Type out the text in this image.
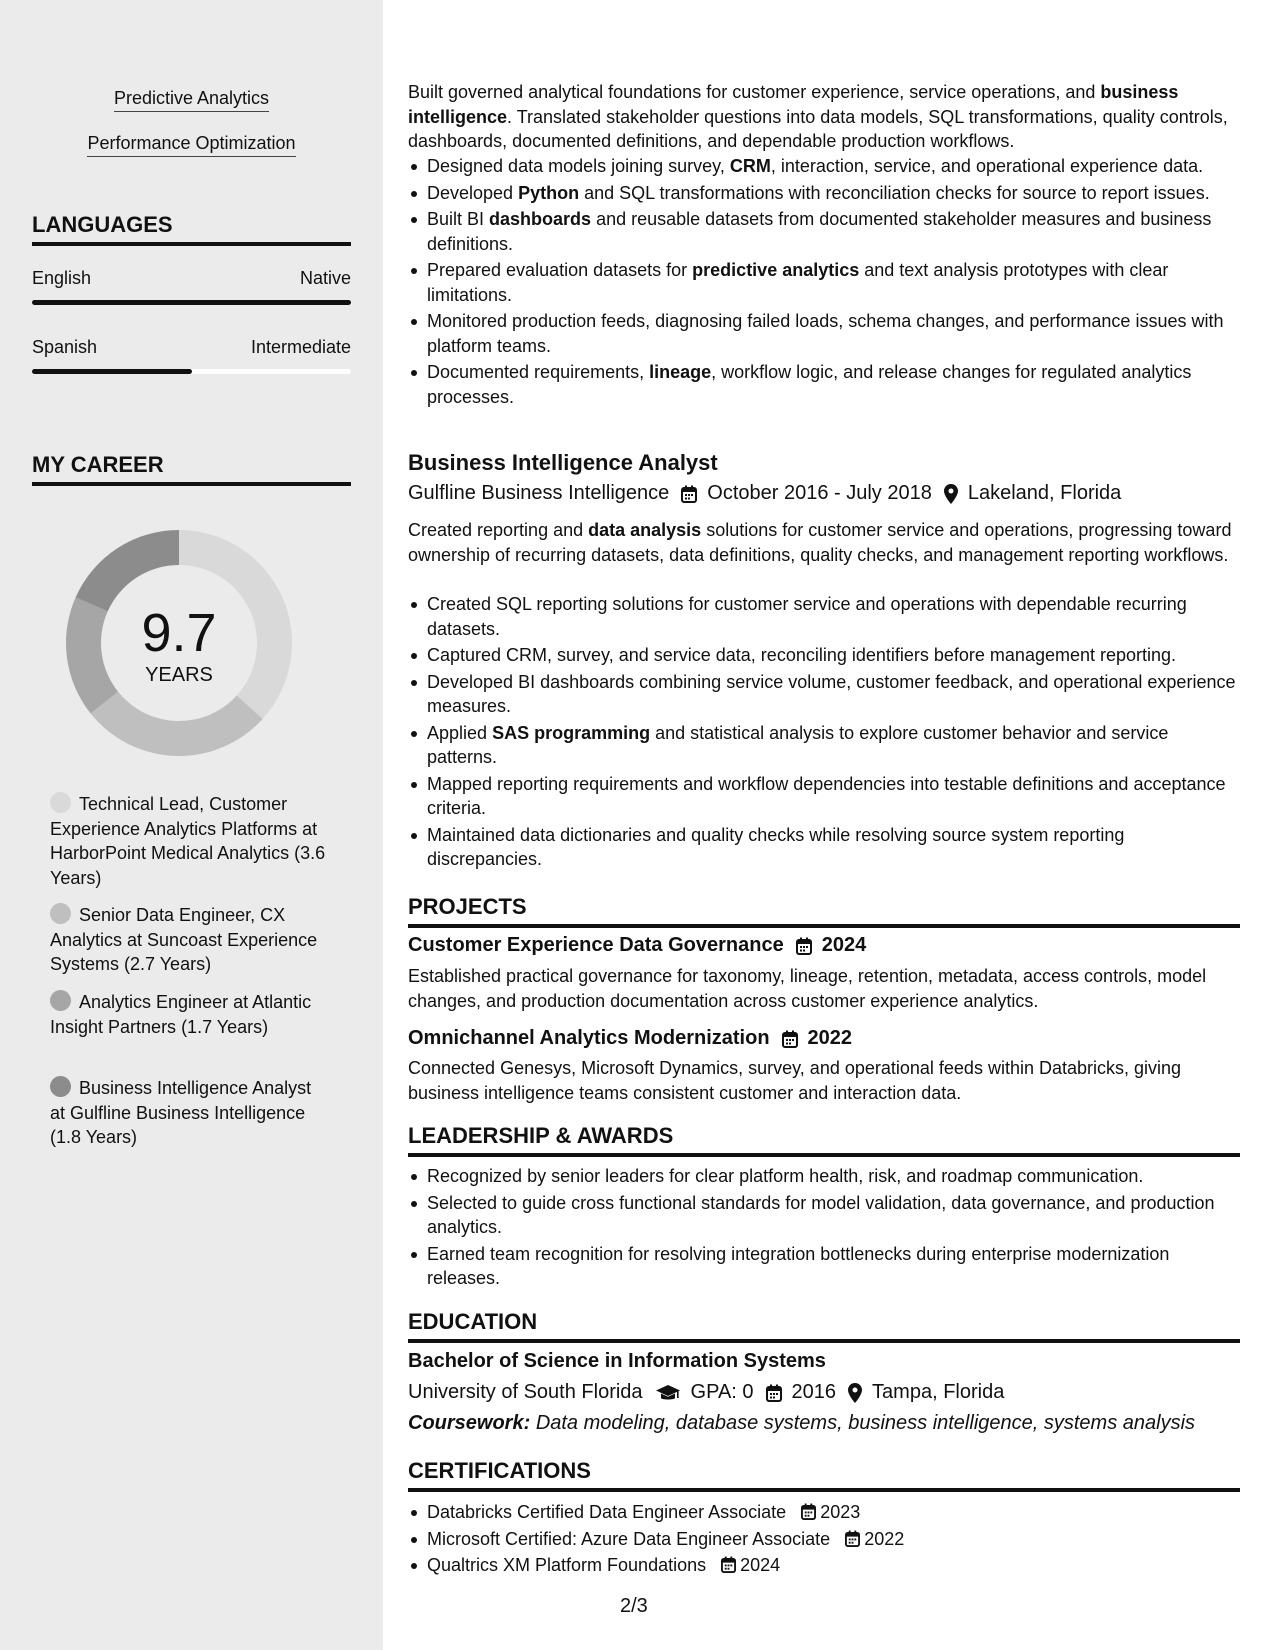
Predictive Analytics
Performance Optimization
LANGUAGES
English	Native
Spanish	Intermediate
MY CAREER
9.7
YEARS
Technical Lead, Customer Experience Analytics Platforms at HarborPoint Medical Analytics (3.6 Years)
Senior Data Engineer, CX Analytics at Suncoast Experience Systems (2.7 Years)
Analytics Engineer at Atlantic Insight Partners (1.7 Years)
Business Intelligence Analyst at Gulfline Business Intelligence (1.8 Years)

Built governed analytical foundations for customer experience, service operations, and business intelligence. Translated stakeholder questions into data models, SQL transformations, quality controls, dashboards, documented definitions, and dependable production workflows.

Designed data models joining survey, CRM, interaction, service, and operational experience data.
Developed Python and SQL transformations with reconciliation checks for source to report issues.
Built BI dashboards and reusable datasets from documented stakeholder measures and business definitions.
Prepared evaluation datasets for predictive analytics and text analysis prototypes with clear limitations.
Monitored production feeds, diagnosing failed loads, schema changes, and performance issues with platform teams.
Documented requirements, lineage, workflow logic, and release changes for regulated analytics processes.
Business Intelligence Analyst
Gulfline Business Intelligence October 2016 - July 2018 Lakeland, Florida

Created reporting and data analysis solutions for customer service and operations, progressing toward ownership of recurring datasets, data definitions, quality checks, and management reporting workflows.

Created SQL reporting solutions for customer service and operations with dependable recurring datasets.
Captured CRM, survey, and service data, reconciling identifiers before management reporting.
Developed BI dashboards combining service volume, customer feedback, and operational experience measures.
Applied SAS programming and statistical analysis to explore customer behavior and service patterns.
Mapped reporting requirements and workflow dependencies into testable definitions and acceptance criteria.
Maintained data dictionaries and quality checks while resolving source system reporting discrepancies.
PROJECTS
Customer Experience Data Governance 2024

Established practical governance for taxonomy, lineage, retention, metadata, access controls, model changes, and production documentation across customer experience analytics.

Omnichannel Analytics Modernization 2022

Connected Genesys, Microsoft Dynamics, survey, and operational feeds within Databricks, giving business intelligence teams consistent customer and interaction data.

LEADERSHIP & AWARDS
Recognized by senior leaders for clear platform health, risk, and roadmap communication.
Selected to guide cross functional standards for model validation, data governance, and production analytics.
Earned team recognition for resolving integration bottlenecks during enterprise modernization releases.
EDUCATION
Bachelor of Science in Information Systems
University of South Florida GPA: 0 2016 Tampa, Florida
Coursework:
Data modeling, database systems, business intelligence, systems analysis
CERTIFICATIONS
Databricks Certified Data Engineer Associate 2023
Microsoft Certified: Azure Data Engineer Associate 2022
Qualtrics XM Platform Foundations 2024
2/3
